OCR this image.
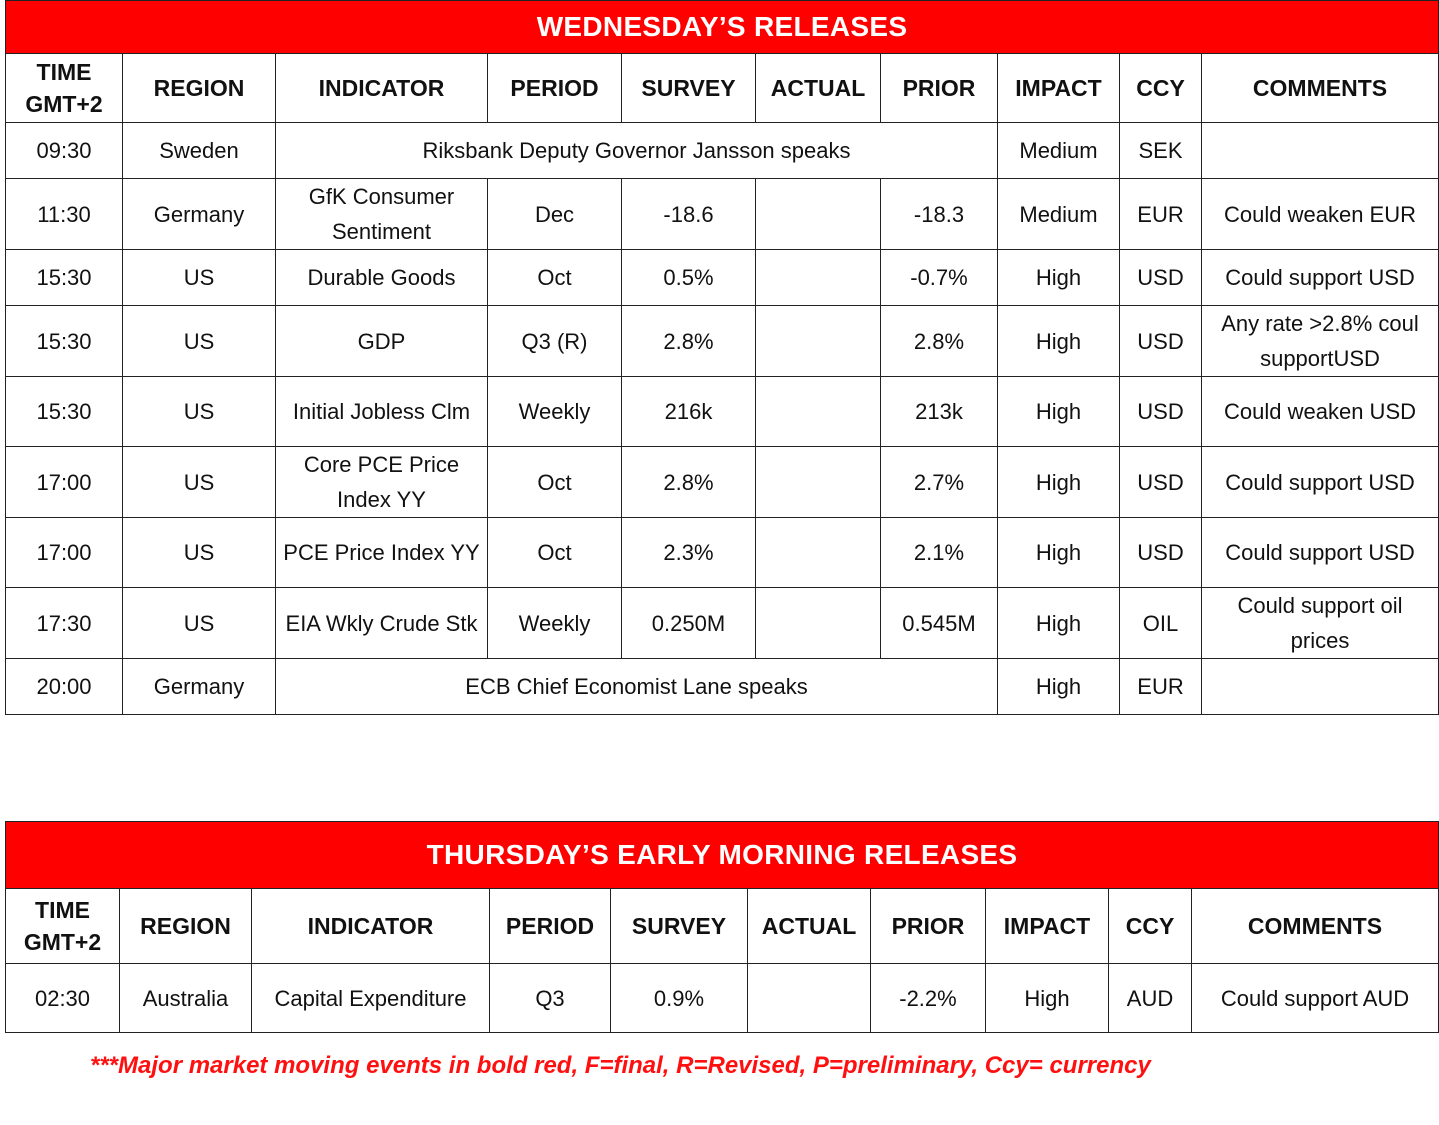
WEDNESDAY’S RELEASES									
TIME
GMT+2	REGION	INDICATOR	PERIOD	SURVEY	ACTUAL	PRIOR	IMPACT	CCY	COMMENTS
09:30	Sweden	Riksbank Deputy Governor Jansson speaks					Medium	SEK	
11:30	Germany	GfK Consumer Sentiment	Dec	-18.6		-18.3	Medium	EUR	Could weaken EUR
15:30	US	Durable Goods	Oct	0.5%		-0.7%	High	USD	Could support USD
15:30	US	GDP	Q3 (R)	2.8%		2.8%	High	USD	Any rate >2.8% coul supportUSD
15:30	US	Initial Jobless Clm	Weekly	216k		213k	High	USD	Could weaken USD
17:00	US	Core PCE Price Index YY	Oct	2.8%		2.7%	High	USD	Could support USD
17:00	US	PCE Price Index YY	Oct	2.3%		2.1%	High	USD	Could support USD
17:30	US	EIA Wkly Crude Stk	Weekly	0.250M		0.545M	High	OIL	Could support oil prices
20:00	Germany	ECB Chief Economist Lane speaks					High	EUR	
THURSDAY’S EARLY MORNING RELEASES									
TIME
GMT+2	REGION	INDICATOR	PERIOD	SURVEY	ACTUAL	PRIOR	IMPACT	CCY	COMMENTS
02:30	Australia	Capital Expenditure	Q3	0.9%		-2.2%	High	AUD	Could support AUD
***Major market moving events in bold red, F=final, R=Revised, P=preliminary, Ccy= currency
